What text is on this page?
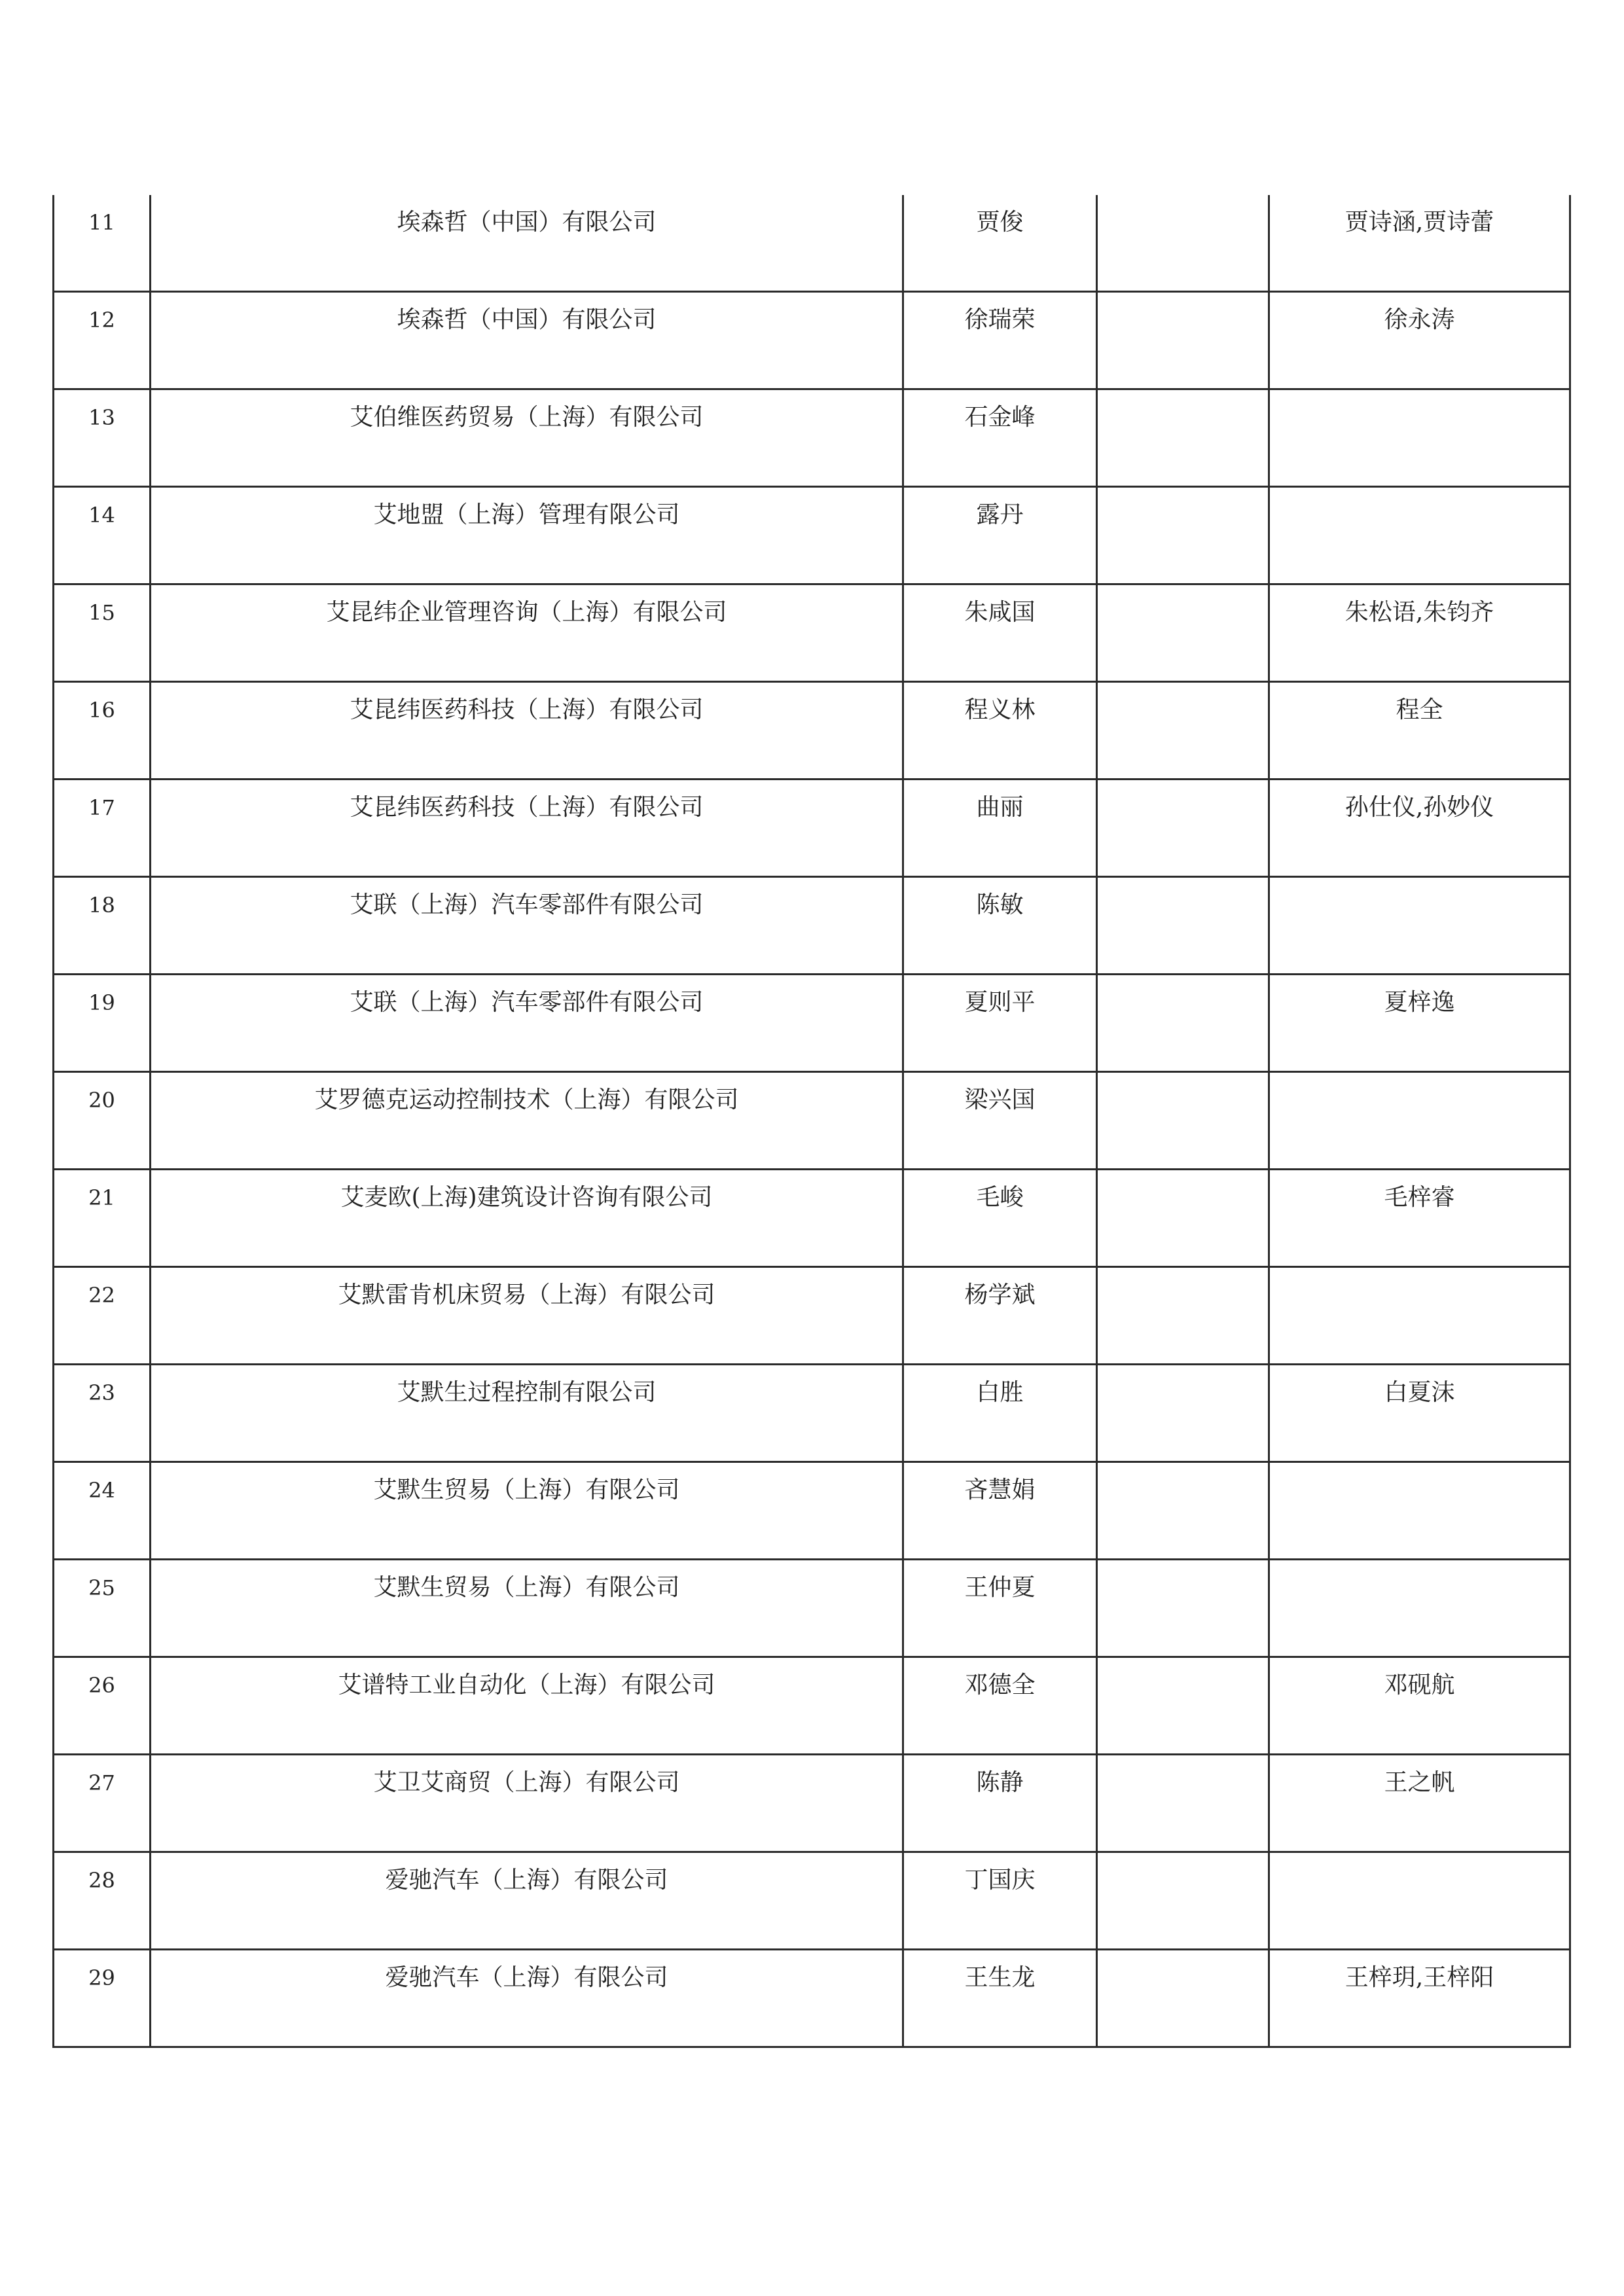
11	埃森哲（中国）有限公司	贾俊		贾诗涵,贾诗蕾
12	埃森哲（中国）有限公司	徐瑞荣		徐永涛
13	艾伯维医药贸易（上海）有限公司	石金峰		
14	艾地盟（上海）管理有限公司	露丹		
15	艾昆纬企业管理咨询（上海）有限公司	朱咸国		朱松语,朱钧齐
16	艾昆纬医药科技（上海）有限公司	程义林		程全
17	艾昆纬医药科技（上海）有限公司	曲丽		孙仕仪,孙妙仪
18	艾联（上海）汽车零部件有限公司	陈敏		
19	艾联（上海）汽车零部件有限公司	夏则平		夏梓逸
20	艾罗德克运动控制技术（上海）有限公司	梁兴国		
21	艾麦欧(上海)建筑设计咨询有限公司	毛峻		毛梓睿
22	艾默雷肯机床贸易（上海）有限公司	杨学斌		
23	艾默生过程控制有限公司	白胜		白夏沫
24	艾默生贸易（上海）有限公司	吝慧娟		
25	艾默生贸易（上海）有限公司	王仲夏		
26	艾谱特工业自动化（上海）有限公司	邓德全		邓砚航
27	艾卫艾商贸（上海）有限公司	陈静		王之帆
28	爱驰汽车（上海）有限公司	丁国庆		
29	爱驰汽车（上海）有限公司	王生龙		王梓玥,王梓阳
